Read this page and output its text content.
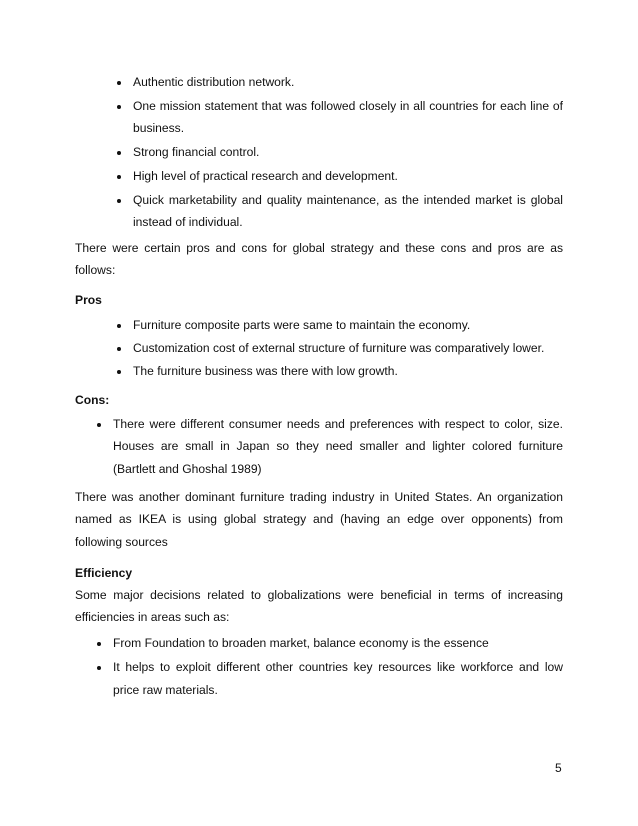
Authentic distribution network.
One mission statement that was followed closely in all countries for each line of business.
Strong financial control.
High level of practical research and development.
Quick marketability and quality maintenance, as the intended market is global instead of individual.

There were certain pros and cons for global strategy and these cons and pros are as follows:

Pros

Furniture composite parts were same to maintain the economy.
Customization cost of external structure of furniture was comparatively lower.
The furniture business was there with low growth.

Cons:

There were different consumer needs and preferences with respect to color, size. Houses are small in Japan so they need smaller and lighter colored furniture (Bartlett and Ghoshal 1989)

There was another dominant furniture trading industry in United States. An organization named as IKEA is using global strategy and (having an edge over opponents) from following sources

Efficiency

Some major decisions related to globalizations were beneficial in terms of increasing efficiencies in areas such as:

From Foundation to broaden market, balance economy is the essence
It helps to exploit different other countries key resources like workforce and low price raw materials.
5
